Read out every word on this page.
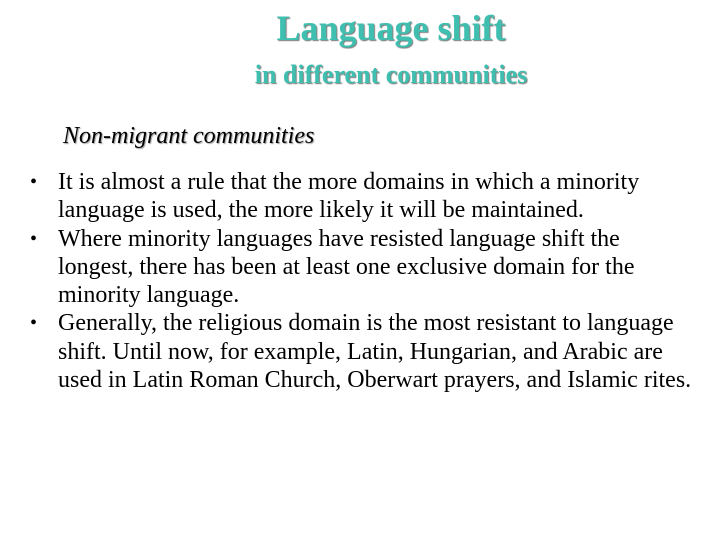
Language shift
in different communities
Non-migrant communities
• It is almost a rule that the more domains in which a minority language is used, the more likely it will be maintained.
• Where minority languages have resisted language shift the longest, there has been at least one exclusive domain for the minority language.
• Generally, the religious domain is the most resistant to language shift. Until now, for example, Latin, Hungarian, and Arabic are used in Latin Roman Church, Oberwart prayers, and Islamic rites.
